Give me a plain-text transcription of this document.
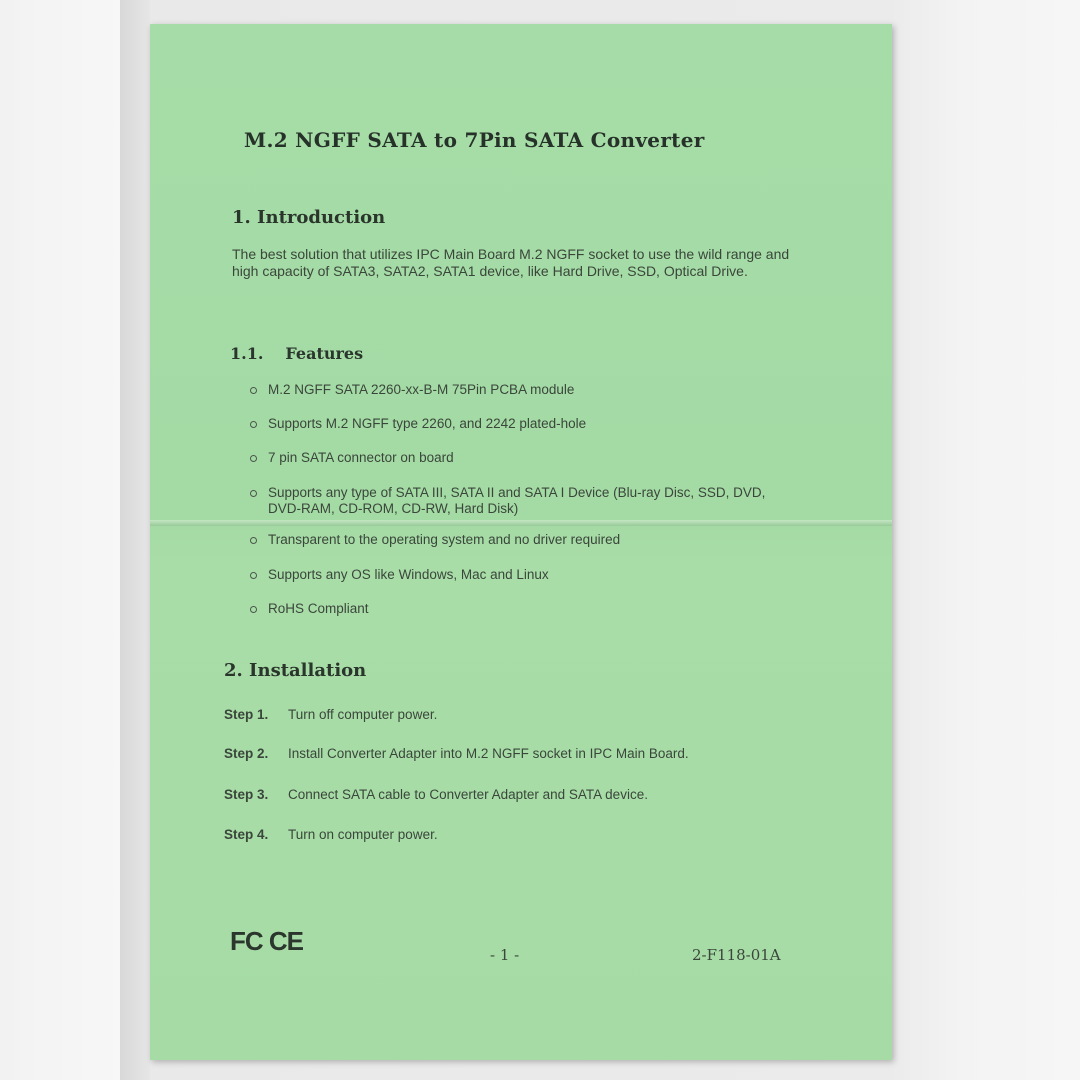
M.2 NGFF SATA to 7Pin SATA Converter
1. Introduction
The best solution that utilizes IPC Main Board M.2 NGFF socket to use the wild range and high capacity of SATA3, SATA2, SATA1 device, like Hard Drive, SSD, Optical Drive.
1.1. Features
M.2 NGFF SATA 2260-xx-B-M 75Pin PCBA module
Supports M.2 NGFF type 2260, and 2242 plated-hole
7 pin SATA connector on board
Supports any type of SATA III, SATA II and SATA I Device (Blu-ray Disc, SSD, DVD, DVD-RAM, CD-ROM, CD-RW, Hard Disk)
Transparent to the operating system and no driver required
Supports any OS like Windows, Mac and Linux
RoHS Compliant
2. Installation
Step 1. Turn off computer power.
Step 2. Install Converter Adapter into M.2 NGFF socket in IPC Main Board.
Step 3. Connect SATA cable to Converter Adapter and SATA device.
Step 4. Turn on computer power.
FC CE	- 1 -	2-F118-01A
